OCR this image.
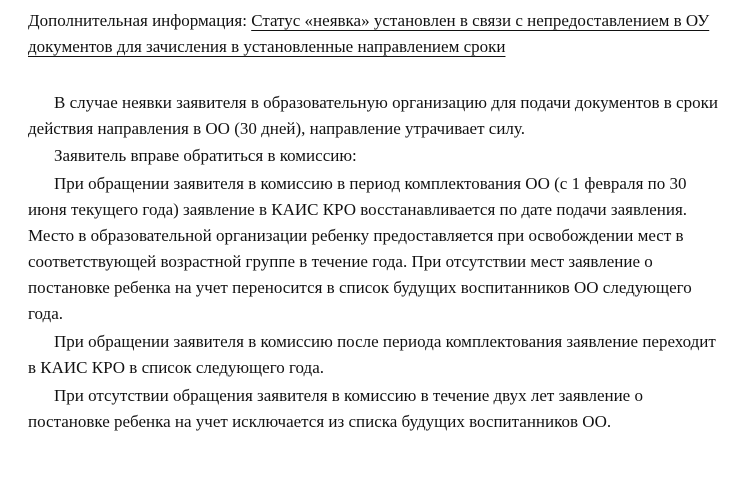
Дополнительная информация: Статус «неявка» установлен в связи с непредоставлением в ОУ документов для зачисления в установленные направлением сроки

В случае неявки заявителя в образовательную организацию для подачи документов в сроки действия направления в ОО (30 дней), направление утрачивает силу.

Заявитель вправе обратиться в комиссию:

При обращении заявителя в комиссию в период комплектования ОО (с 1 февраля по 30 июня текущего года) заявление в КАИС КРО восстанавливается по дате подачи заявления. Место в образовательной организации ребенку предоставляется при освобождении мест в соответствующей возрастной группе в течение года. При отсутствии мест заявление о постановке ребенка на учет переносится в список будущих воспитанников ОО следующего года.

При обращении заявителя в комиссию после периода комплектования заявление переходит в КАИС КРО в список следующего года.

При отсутствии обращения заявителя в комиссию в течение двух лет заявление о постановке ребенка на учет исключается из списка будущих воспитанников ОО.
